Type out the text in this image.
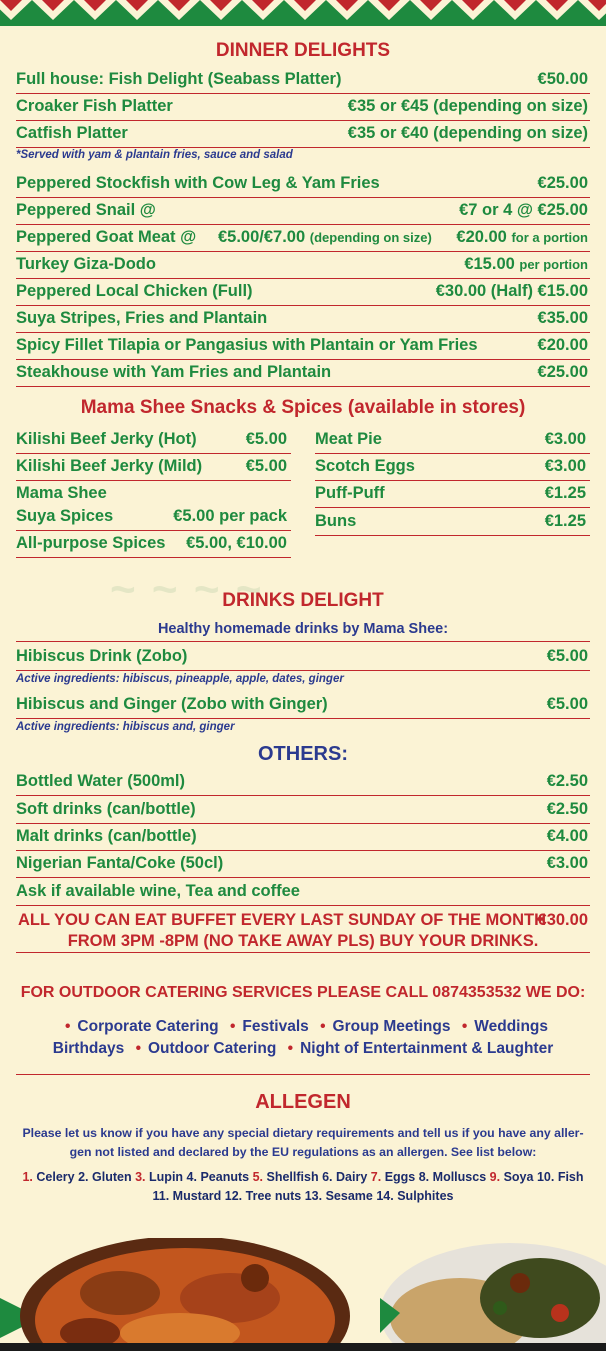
~ ~ ~ ~
DINNER DELIGHTS
Full house: Fish Delight (Seabass Platter)	€50.00
Croaker Fish Platter	€35 or €45 (depending on size)
Catfish Platter	€35 or €40 (depending on size)
Peppered Stockfish with Cow Leg & Yam Fries	€25.00
Peppered Snail @	€7 or 4 @ €25.00
Peppered Goat Meat @ €5.00/€7.00 (depending on size) €20.00 for a portion
Turkey Giza-Dodo	€15.00 per portion
Peppered Local Chicken (Full)	€30.00 (Half) €15.00
Suya Stripes, Fries and Plantain	€35.00
Spicy Fillet Tilapia or Pangasius with Plantain or Yam Fries	€20.00
Steakhouse with Yam Fries and Plantain	€25.00
*Served with yam & plantain fries, sauce and salad
Mama Shee Snacks & Spices (available in stores)
Kilishi Beef Jerky (Hot)	€5.00
Kilishi Beef Jerky (Mild)	€5.00
Mama Shee
Suya Spices	€5.00 per pack
All-purpose Spices €5.00, €10.00
Meat Pie	€3.00
Scotch Eggs	€3.00
Puff-Puff	€1.25
Buns	€1.25
DRINKS DELIGHT
Healthy homemade drinks by Mama Shee:
Hibiscus Drink (Zobo)	€5.00
Active ingredients: hibiscus, pineapple, apple, dates, ginger
Hibiscus and Ginger (Zobo with Ginger)	€5.00
Active ingredients: hibiscus and, ginger
OTHERS:
Bottled Water (500ml)	€2.50
Soft drinks (can/bottle)	€2.50
Malt drinks (can/bottle)	€4.00
Nigerian Fanta/Coke (50cl)	€3.00
Ask if available wine, Tea and coffee
ALL YOU CAN EAT BUFFET EVERY LAST SUNDAY OF THE MONTH
€30.00
FROM 3PM -8PM (NO TAKE AWAY PLS) BUY YOUR DRINKS.
FOR OUTDOOR CATERING SERVICES PLEASE CALL 0874353532 WE DO:
• Corporate Catering • Festivals • Group Meetings • Weddings
Birthdays • Outdoor Catering • Night of Entertainment & Laughter
ALLEGEN
Please let us know if you have any special dietary requirements and tell us if you have any aller- gen not listed and declared by the EU regulations as an allergen. See list below:
1. Celery 2. Gluten 3. Lupin 4. Peanuts 5. Shellfish 6. Dairy 7. Eggs 8. Molluscs 9. Soya 10. Fish
11. Mustard 12. Tree nuts 13. Sesame 14. Sulphites
